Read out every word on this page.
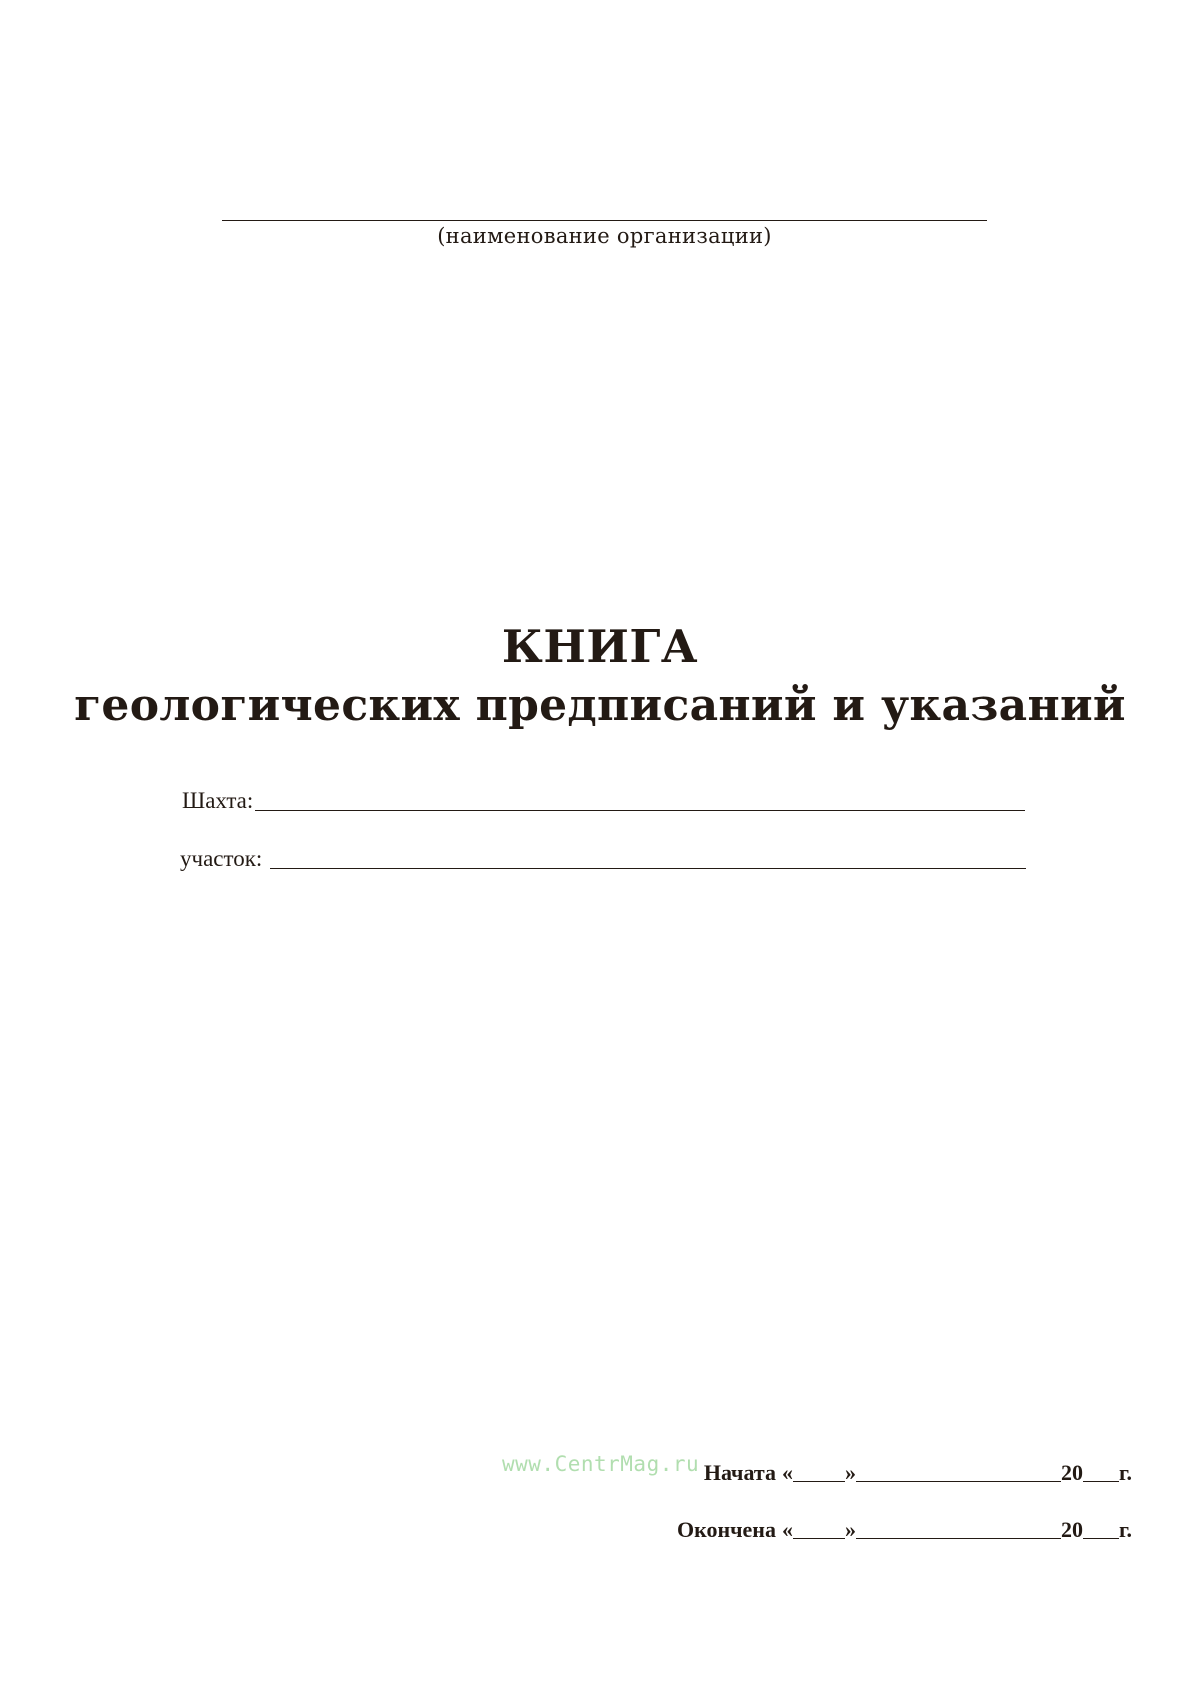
(наименование организации)
КНИГА
геологических предписаний и указаний
Шахта:
участок:
www.CentrMag.ru Начата « »	20 г.
Окончена « »	20 г.
